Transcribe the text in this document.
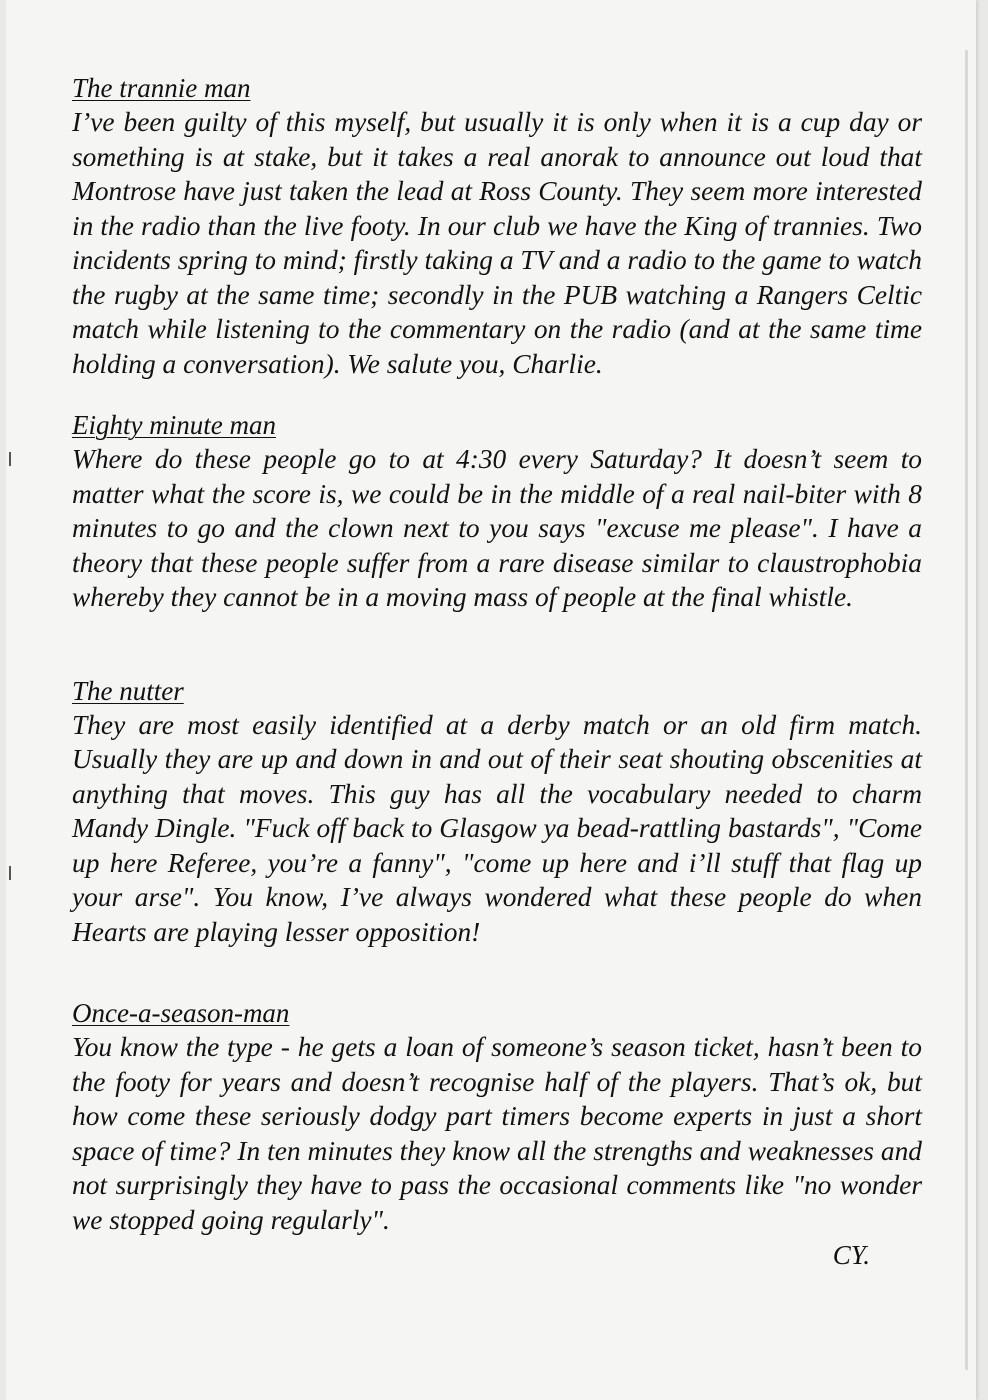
The trannie man

I’ve been guilty of this myself, but usually it is only when it is a cup day or something is at stake, but it takes a real anorak to announce out loud that Montrose have just taken the lead at Ross County. They seem more interested in the radio than the live footy. In our club we have the King of trannies. Two incidents spring to mind; firstly taking a TV and a radio to the game to watch the rugby at the same time; secondly in the PUB watching a Rangers Celtic match while listening to the commentary on the radio (and at the same time holding a conversation). We salute you, Charlie.

Eighty minute man

Where do these people go to at 4:30 every Saturday? It doesn’t seem to matter what the score is, we could be in the middle of a real nail-biter with 8 minutes to go and the clown next to you says "excuse me please". I have a theory that these people suffer from a rare disease similar to claustrophobia whereby they cannot be in a moving mass of people at the final whistle.

The nutter

They are most easily identified at a derby match or an old firm match. Usually they are up and down in and out of their seat shouting obscenities at anything that moves. This guy has all the vocabulary needed to charm Mandy Dingle. "Fuck off back to Glasgow ya bead-rattling bastards", "Come up here Referee, you’re a fanny", "come up here and i’ll stuff that flag up your arse". You know, I’ve always wondered what these people do when Hearts are playing lesser opposition!

Once-a-season-man

You know the type - he gets a loan of someone’s season ticket, hasn’t been to the footy for years and doesn’t recognise half of the players. That’s ok, but how come these seriously dodgy part timers become experts in just a short space of time? In ten minutes they know all the strengths and weaknesses and not surprisingly they have to pass the occasional comments like "no wonder we stopped going regularly".

CY.
